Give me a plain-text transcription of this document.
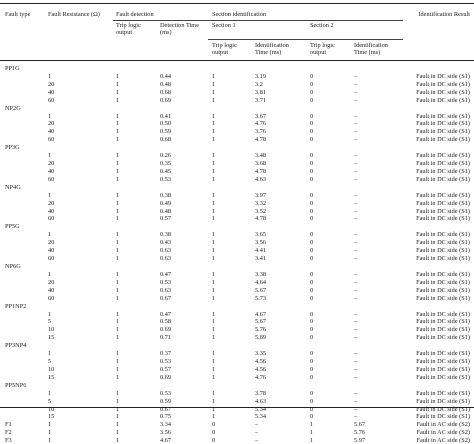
Fault type	Fault Resistance (Ω)	Fault detection	Section identification	Identification Result
Trip logic output
Detection Time (ms)
Section 1	Section 2
Trip logic output
Identification Time (ms)
Trip logic output
Identification Time (ms)
PP1G
1	1	0.44	1	3.19	0	–	Fault in DC side (S1)
20	1	0.48	1	3.2	0	–	Fault in DC side (S1)
40	1	0.68	1	3.81	0	–	Fault in DC side (S1)
60	1	0.69	1	3.71	0	–	Fault in DC side (S1)
NP2G
1	1	0.41	1	3.67	0	–	Fault in DC side (S1)
20	1	0.50	1	4.76	0	–	Fault in DC side (S1)
40	1	0.59	1	3.76	0	–	Fault in DC side (S1)
60	1	0.68	1	4.78	0	–	Fault in DC side (S1)
PP3G
1	1	0.26	1	3.48	0	–	Fault in DC side (S1)
20	1	0.35	1	3.68	0	–	Fault in DC side (S1)
40	1	0.45	1	4.78	0	–	Fault in DC side (S1)
60	1	0.53	1	4.63	0	–	Fault in DC side (S1)
NP4G
1	1	0.38	1	3.97	0	–	Fault in DC side (S1)
20	1	0.49	1	3.32	0	–	Fault in DC side (S1)
40	1	0.48	1	3.52	0	–	Fault in DC side (S1)
60	1	0.57	1	4.78	0	–	Fault in DC side (S1)
PP5G
1	1	0.38	1	3.65	0	–	Fault in DC side (S1)
20	1	0.43	1	3.56	0	–	Fault in DC side (S1)
40	1	0.63	1	4.41	0	–	Fault in DC side (S1)
60	1	0.63	1	3.41	0	–	Fault in DC side (S1)
NP6G
1	1	0.47	1	3.38	0	–	Fault in DC side (S1)
20	1	0.53	1	4.64	0	–	Fault in DC side (S1)
40	1	0.63	1	5.67	0	–	Fault in DC side (S1)
60	1	0.67	1	5.73	0	–	Fault in DC side (S1)
PP1NP2
1	1	0.47	1	4.67	0	–	Fault in DC side (S1)
5	1	0.58	1	5.67	0	–	Fault in DC side (S1)
10	1	0.69	1	5.76	0	–	Fault in DC side (S1)
15	1	0.71	1	5.89	0	–	Fault in DC side (S1)
PP3NP4
1	1	0.37	1	3.35	0	–	Fault in DC side (S1)
5	1	0.53	1	4.56	0	–	Fault in DC side (S1)
10	1	0.57	1	4.56	0	–	Fault in DC side (S1)
15	1	0.69	1	4.76	0	–	Fault in DC side (S1)
PP5NP6
1	1	0.53	1	3.78	0	–	Fault in DC side (S1)
5	1	0.59	1	4.63	0	–	Fault in DC side (S1)
10	1	0.67	1	5.34	0	–	Fault in DC side (S1)
15	1	0.75	1	5.34	0	–	Fault in DC side (S1)
F1	1	1	3.34	0	–	1	5.67	Fault in AC side (S2)
F2	1	1	3.56	0	–	1	5.76	Fault in AC side (S2)
F3	1	1	4.67	0	–	1	5.97	Fault in AC side (S2)
